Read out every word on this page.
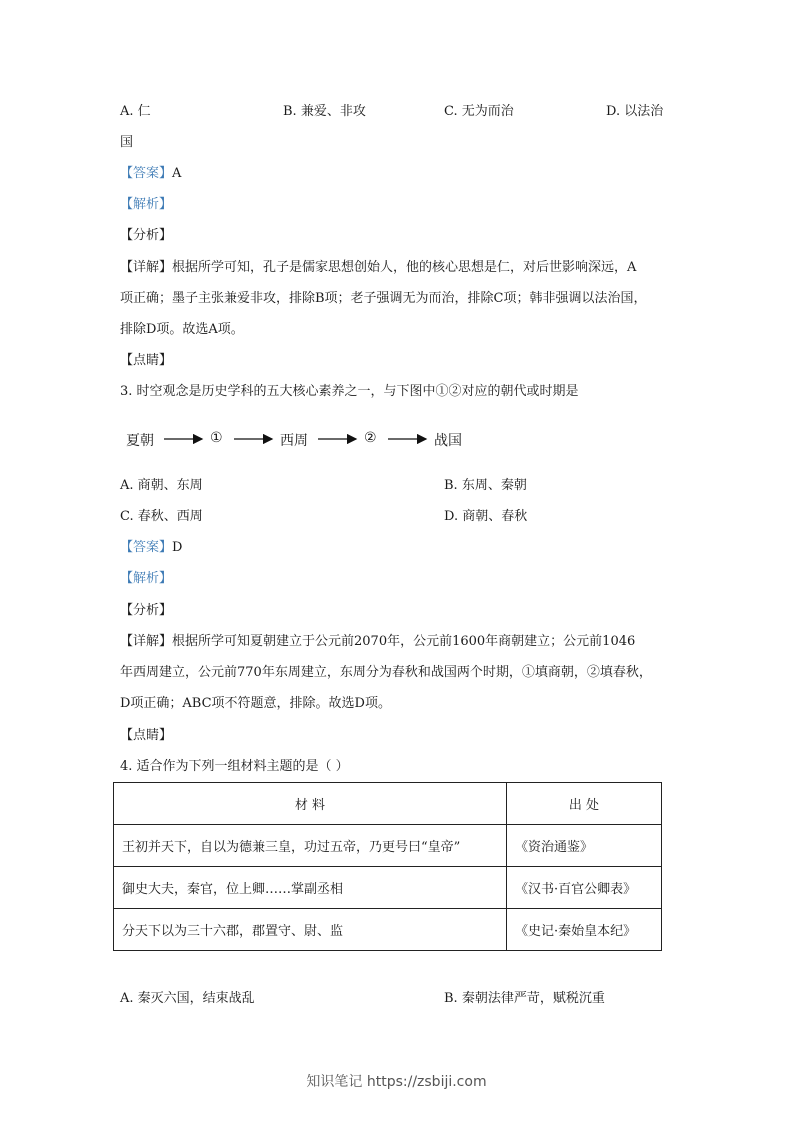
A. 仁	B. 兼爱、非攻	C. 无为而治	D. 以法治
国
【答案】A
【解析】
【分析】
【详解】根据所学可知，孔子是儒家思想创始人，他的核心思想是仁，对后世影响深远，A
项正确；墨子主张兼爱非攻，排除B项；老子强调无为而治，排除C项；韩非强调以法治国，
排除D项。故选A项。
【点睛】
3. 时空观念是历史学科的五大核心素养之一，与下图中①②对应的朝代或时期是
夏朝	①	西周	②	战国
A. 商朝、东周	B. 东周、秦朝
C. 春秋、西周	D. 商朝、春秋
【答案】D
【解析】
【分析】
【详解】根据所学可知夏朝建立于公元前2070年，公元前1600年商朝建立；公元前1046
年西周建立，公元前770年东周建立，东周分为春秋和战国两个时期，①填商朝，②填春秋，
D项正确；ABC项不符题意，排除。故选D项。
【点睛】
4. 适合作为下列一组材料主题的是（ ）
材 料	出 处
王初并天下，自以为德兼三皇，功过五帝，乃更号曰“皇帝”	《资治通鉴》
御史大夫，秦官，位上卿……掌副丞相	《汉书·百官公卿表》
分天下以为三十六郡，郡置守、尉、监	《史记·秦始皇本纪》
A. 秦灭六国，结束战乱	B. 秦朝法律严苛，赋税沉重
知识笔记 https://zsbiji.com
